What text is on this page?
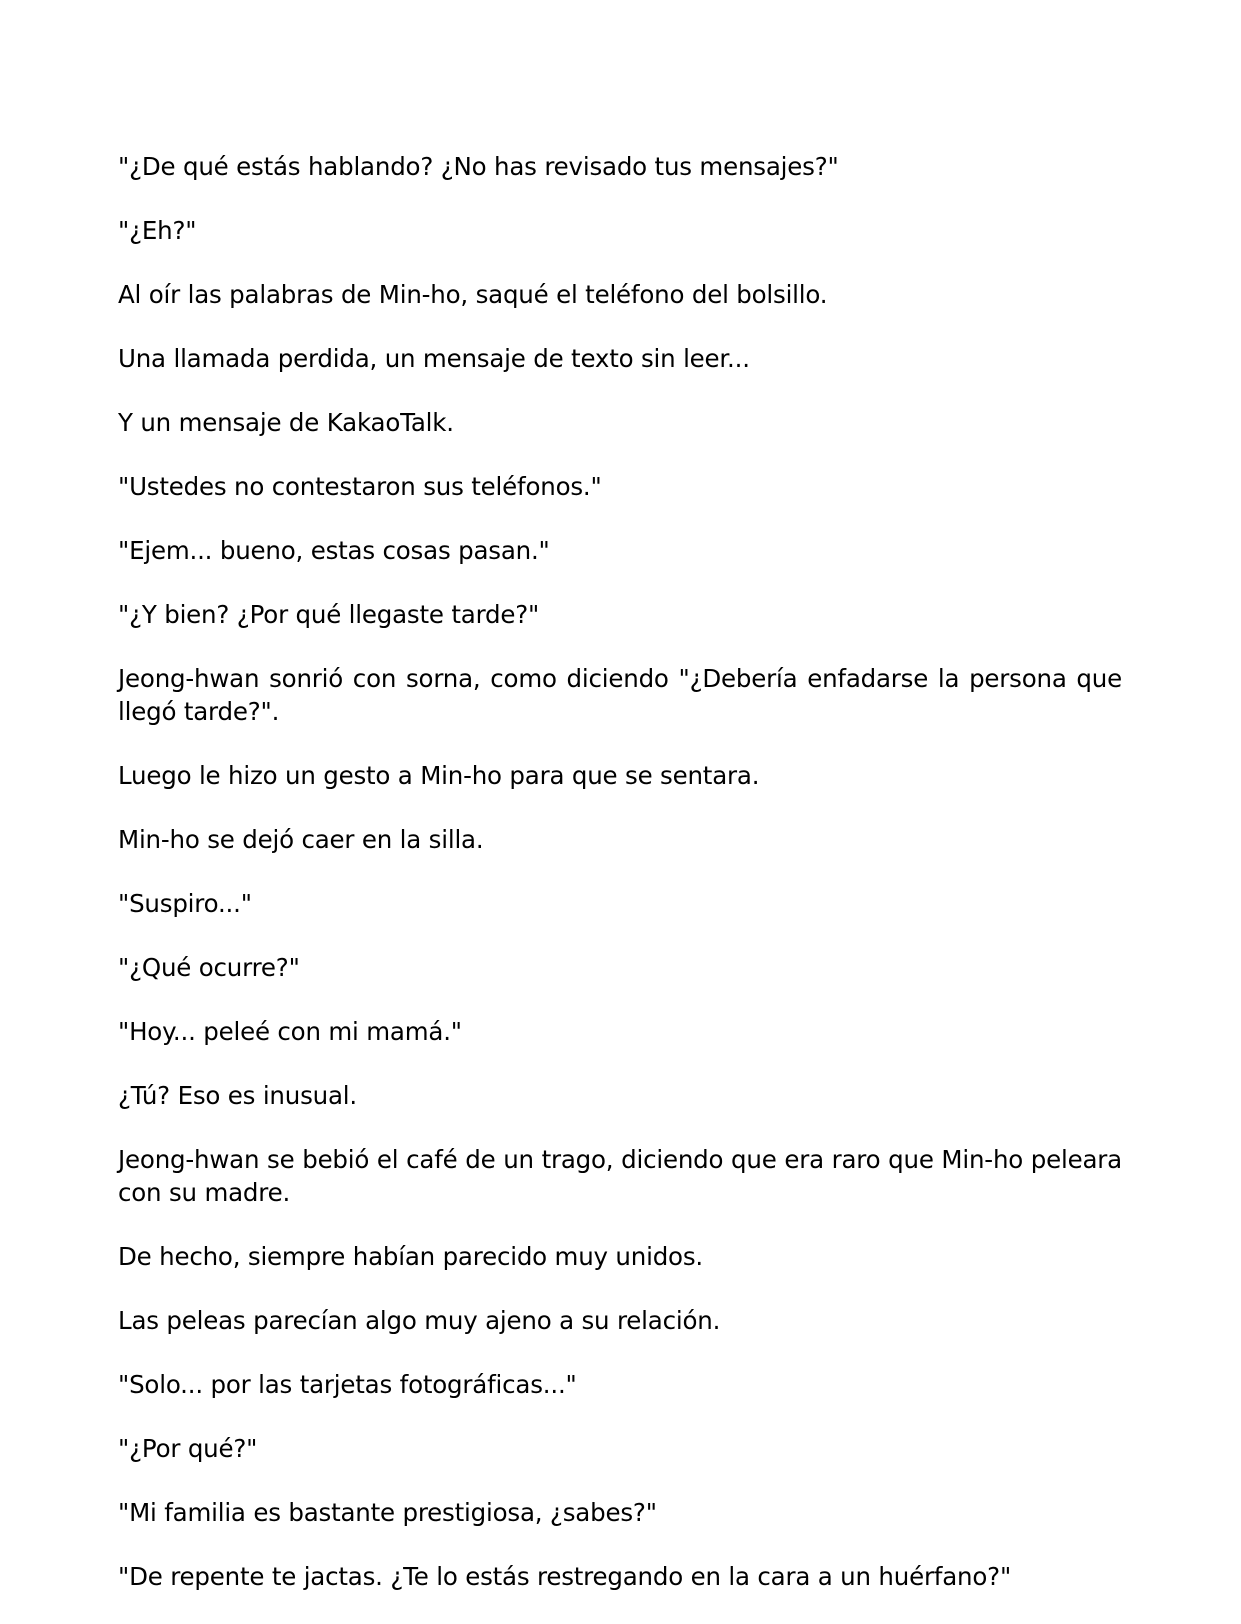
"¿De qué estás hablando? ¿No has revisado tus mensajes?"

"¿Eh?"

Al oír las palabras de Min-ho, saqué el teléfono del bolsillo.

Una llamada perdida, un mensaje de texto sin leer...

Y un mensaje de KakaoTalk.

"Ustedes no contestaron sus teléfonos."

"Ejem... bueno, estas cosas pasan."

"¿Y bien? ¿Por qué llegaste tarde?"

Jeong-hwan sonrió con sorna, como diciendo "¿Debería enfadarse la persona que llegó tarde?".

Luego le hizo un gesto a Min-ho para que se sentara.

Min-ho se dejó caer en la silla.

"Suspiro..."

"¿Qué ocurre?"

"Hoy... peleé con mi mamá."

¿Tú? Eso es inusual.

Jeong-hwan se bebió el café de un trago, diciendo que era raro que Min-ho peleara con su madre.

De hecho, siempre habían parecido muy unidos.

Las peleas parecían algo muy ajeno a su relación.

"Solo... por las tarjetas fotográficas..."

"¿Por qué?"

"Mi familia es bastante prestigiosa, ¿sabes?"

"De repente te jactas. ¿Te lo estás restregando en la cara a un huérfano?"
